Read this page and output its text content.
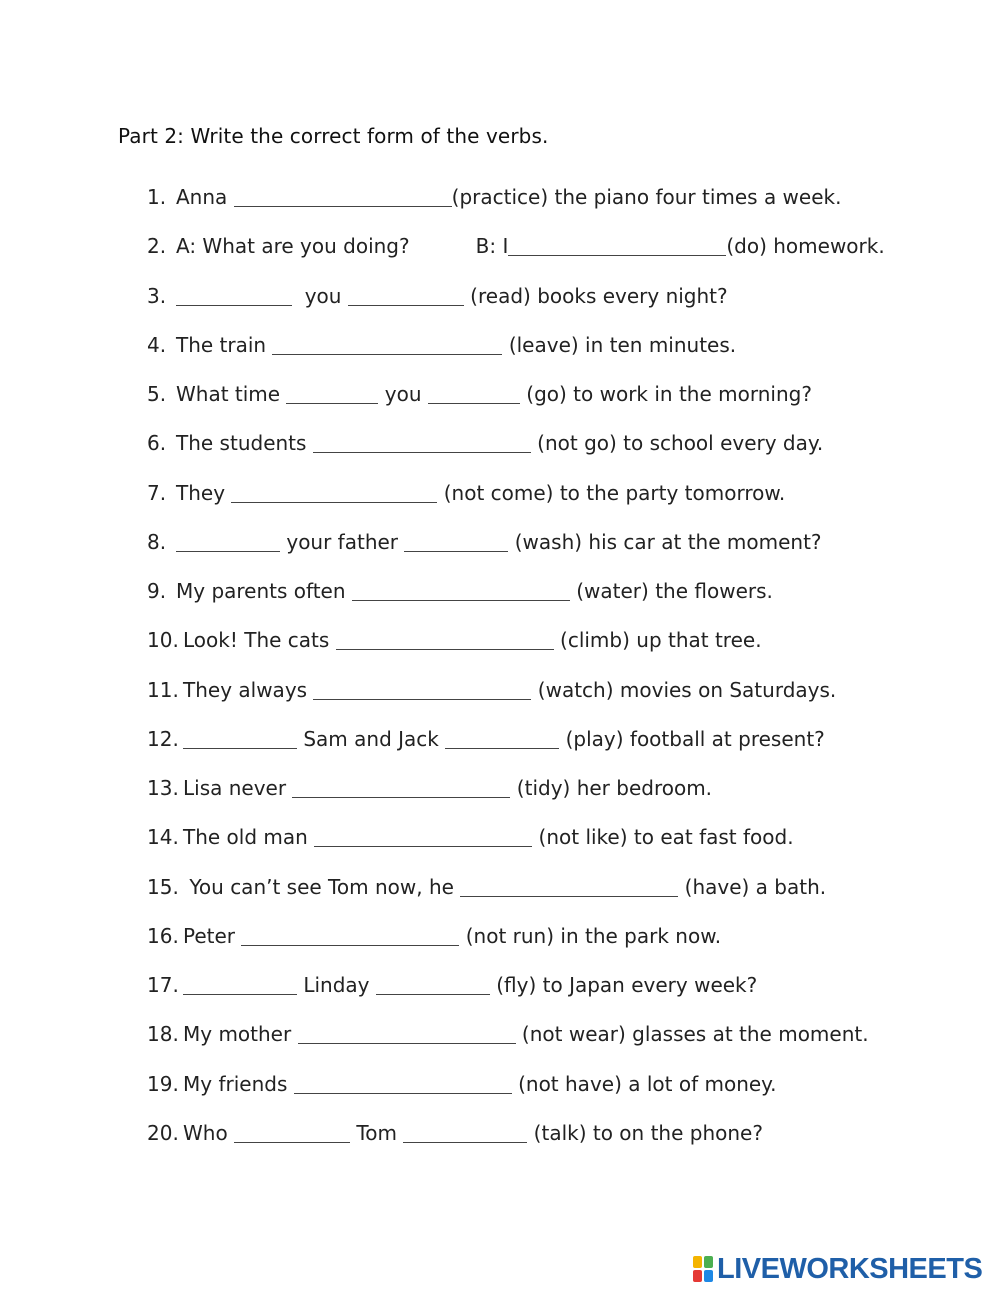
Part 2: Write the correct form of the verbs.
1. Anna	(practice) the piano four times a week.
2. A: What are you doing?	B: I	(do) homework.
3.	you	(read) books every night?
4. The train	(leave) in ten minutes.
5. What time	you	(go) to work in the morning?
6. The students	(not go) to school every day.
7. They	(not come) to the party tomorrow.
8.	your father	(wash) his car at the moment?
9. My parents often	(water) the flowers.
10. Look! The cats	(climb) up that tree.
11. They always	(watch) movies on Saturdays.
12.	Sam and Jack	(play) football at present?
13. Lisa never	(tidy) her bedroom.
14. The old man	(not like) to eat fast food.
15. You can’t see Tom now, he	(have) a bath.
16. Peter	(not run) in the park now.
17.	Linday	(fly) to Japan every week?
18. My mother	(not wear) glasses at the moment.
19. My friends	(not have) a lot of money.
20. Who	Tom	(talk) to on the phone?
LIVEWORKSHEETS
